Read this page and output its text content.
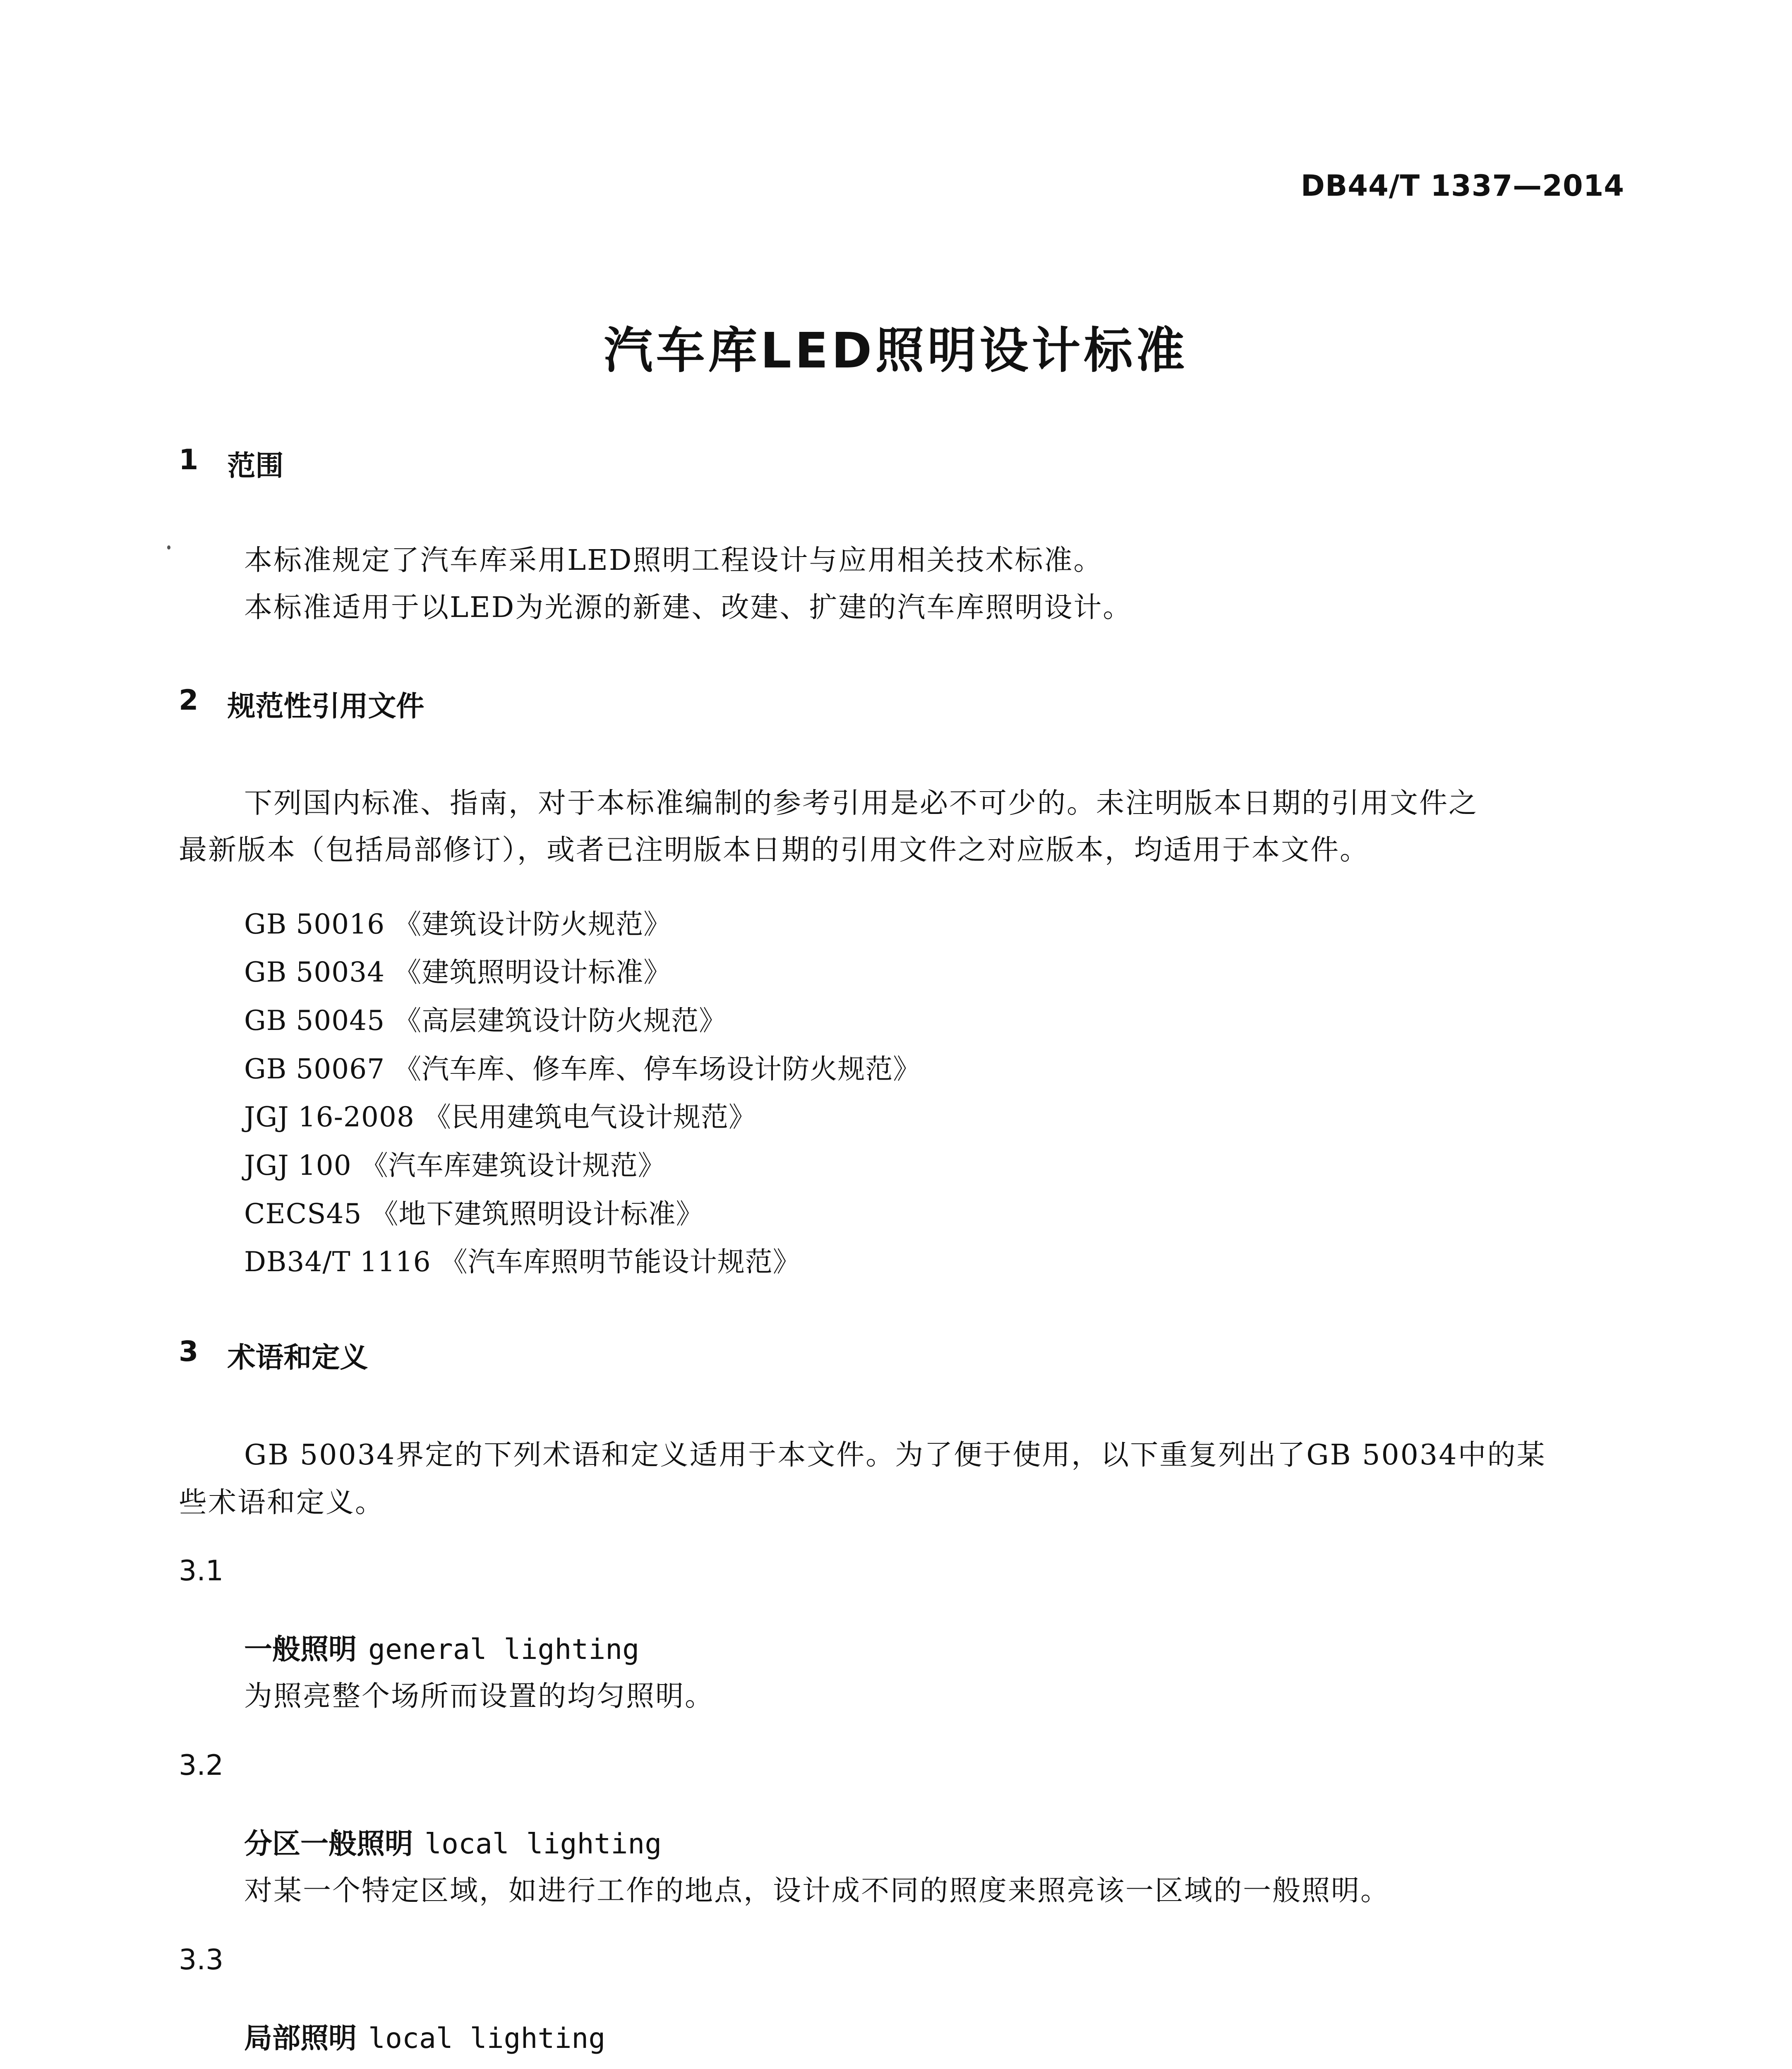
DB44/T 1337—2014
汽车库LED照明设计标准
1 范围
本标准规定了汽车库采用LED照明工程设计与应用相关技术标准。
本标准适用于以LED为光源的新建、改建、扩建的汽车库照明设计。
2 规范性引用文件
下列国内标准、指南，对于本标准编制的参考引用是必不可少的。未注明版本日期的引用文件之
最新版本（包括局部修订），或者已注明版本日期的引用文件之对应版本，均适用于本文件。
GB 50016 《建筑设计防火规范》
GB 50034 《建筑照明设计标准》
GB 50045 《高层建筑设计防火规范》
GB 50067 《汽车库、修车库、停车场设计防火规范》
JGJ 16-2008 《民用建筑电气设计规范》
JGJ 100 《汽车库建筑设计规范》
CECS45 《地下建筑照明设计标准》
DB34/T 1116 《汽车库照明节能设计规范》
3 术语和定义
GB 50034界定的下列术语和定义适用于本文件。为了便于使用，以下重复列出了GB 50034中的某
些术语和定义。
3.1
一般照明 general lighting
为照亮整个场所而设置的均匀照明。
3.2
分区一般照明 local lighting
对某一个特定区域，如进行工作的地点，设计成不同的照度来照亮该一区域的一般照明。
3.3
局部照明 local lighting
